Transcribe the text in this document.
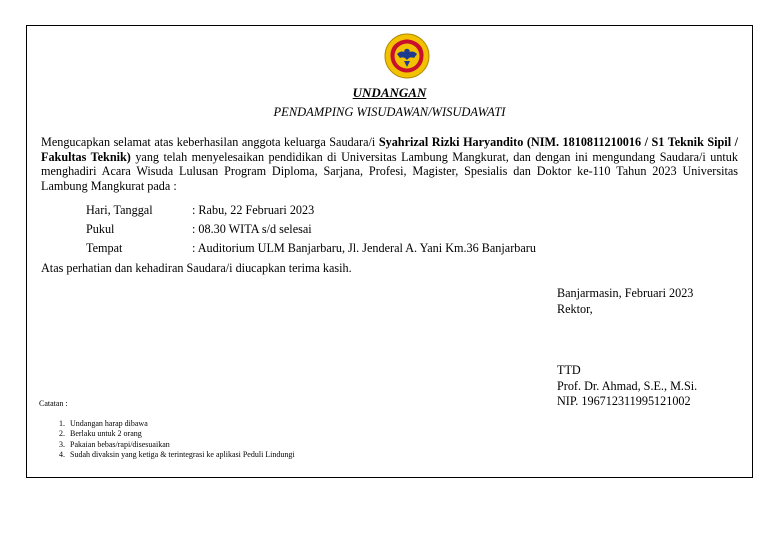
UNDANGAN
PENDAMPING WISUDAWAN/WISUDAWATI
Mengucapkan selamat atas keberhasilan anggota keluarga Saudara/i Syahrizal Rizki Haryandito (NIM. 1810811210016 / S1 Teknik Sipil / Fakultas Teknik) yang telah menyelesaikan pendidikan di Universitas Lambung Mangkurat, dan dengan ini mengundang Saudara/i untuk menghadiri Acara Wisuda Lulusan Program Diploma, Sarjana, Profesi, Magister, Spesialis dan Doktor ke-110 Tahun 2023 Universitas Lambung Mangkurat pada :
Hari, Tanggal	: Rabu, 22 Februari 2023
Pukul	: 08.30 WITA s/d selesai
Tempat	: Auditorium ULM Banjarbaru, Jl. Jenderal A. Yani Km.36 Banjarbaru
Atas perhatian dan kehadiran Saudara/i diucapkan terima kasih.
Banjarmasin, Februari 2023
Rektor,
TTD
Prof. Dr. Ahmad, S.E., M.Si.
NIP. 196712311995121002
Catatan :
1. Undangan harap dibawa
2. Berlaku untuk 2 orang
3. Pakaian bebas/rapi/disesuaikan
4. Sudah divaksin yang ketiga & terintegrasi ke aplikasi Peduli Lindungi
